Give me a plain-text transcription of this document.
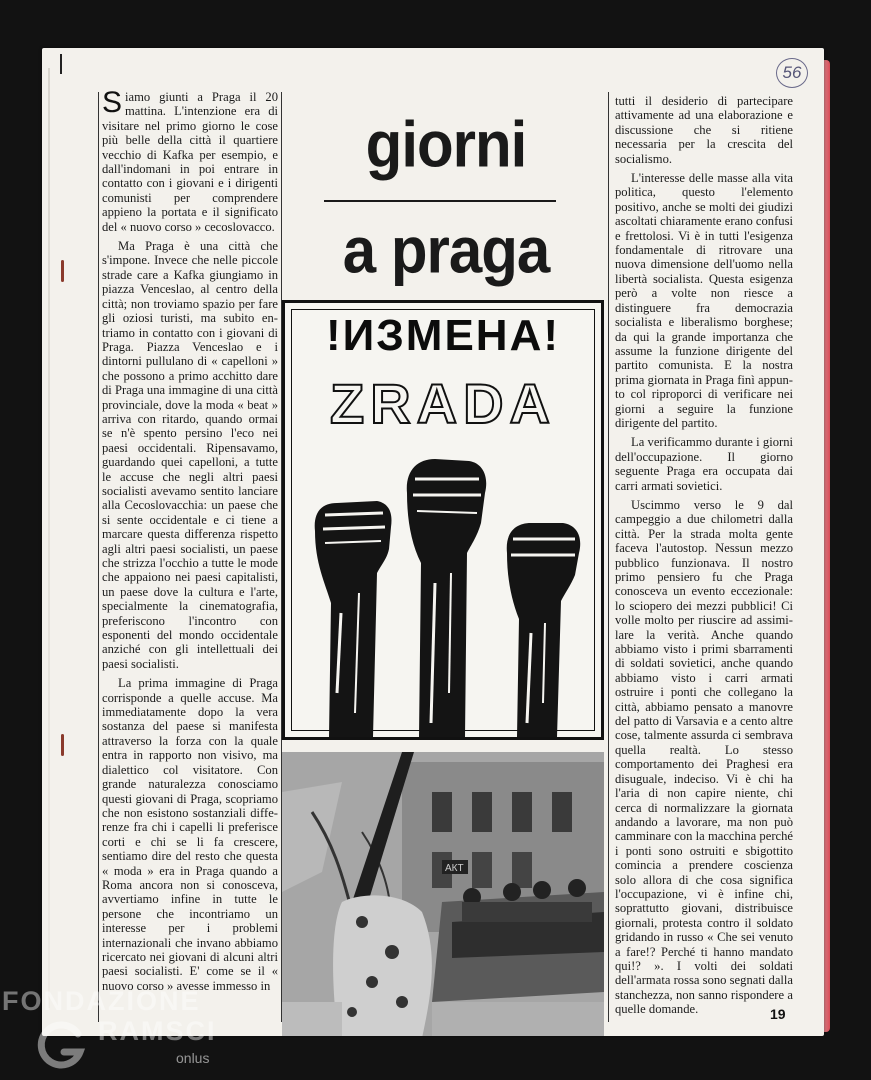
56

Siamo giunti a Praga il 20 mattina. L'intenzione era di visitare nel primo giorno le cose più belle della città il quartiere vecchio di Kafka per esempio, e dall'indomani in poi entrare in contatto con i giovani e i dirigenti comunisti per comprendere appieno la portata e il significato del « nuovo corso » cecoslovacco.

Ma Praga è una città che s'impone. Invece che nelle piccole strade care a Kafka giungiamo in piazza Venceslao, al centro della città; non troviamo spazio per fare gli oziosi turisti, ma subito entriamo in contatto con i giovani di Praga. Piazza Venceslao e i dintorni pullulano di « capelloni » che possono a primo acchitto dare di Praga una immagine di una città provinciale, dove la moda « beat » arriva con ritardo, quando ormai se n'è spento persino l'eco nei paesi occidentali. Ripensavamo, guardando quei capelloni, a tutte le accuse che negli altri paesi socialisti avevamo sentito lanciare alla Cecoslovacchia: un paese che si sente occidentale e ci tiene a marcare questa differenza rispetto agli altri paesi socialisti, un paese che strizza l'occhio a tutte le mode che appaiono nei paesi capitalisti, un paese dove la cultura e l'arte, specialmente la cinematografia, preferiscono l'incontro con esponenti del mondo occidentale anziché con gli intellettuali dei paesi socialisti.

La prima immagine di Praga corrisponde a quelle accuse. Ma immediatamente dopo la vera sostanza del paese si manifesta attraverso la forza con la quale entra in rapporto non visivo, ma dialettico col visitatore. Con grande naturalezza conosciamo questi giovani di Praga, scopriamo che non esistono sostanziali differenze fra chi i capelli li preferisce corti e chi se li fa crescere, sentiamo dire del resto che questa « moda » era in Praga quando a Roma ancora non si conosceva, avvertiamo infine in tutte le persone che incontriamo un interesse per i problemi internazionali che invano abbiamo ricercato nei giovani di alcuni altri paesi socialisti. E' come se il « nuovo corso » avesse immesso in

giorni
a praga
!ИЗМЕНА!
ZRADA
АКТ

tutti il desiderio di partecipare attivamente ad una elaborazione e discussione che si ritiene necessaria per la crescita del socialismo.

L'interesse delle masse alla vita politica, questo l'elemento positivo, anche se molti dei giudizi ascoltati chiaramente erano confusi e frettolosi. Vi è in tutti l'esigenza fondamentale di ritrovare una nuova dimensione dell'uomo nella libertà socialista. Questa esigenza però a volte non riesce a distinguere fra democrazia socialista e liberalismo borghese; da qui la grande importanza che assume la funzione dirigente del partito comunista. E la nostra prima giornata in Praga finì appunto col riproporci di verificare nei giorni a seguire la funzione dirigente del partito.

La verificammo durante i giorni dell'occupazione. Il giorno seguente Praga era occupata dai carri armati sovietici.

Uscimmo verso le 9 dal campeggio a due chilometri dalla città. Per la strada molta gente faceva l'autostop. Nessun mezzo pubblico funzionava. Il nostro primo pensiero fu che Praga conosceva un evento eccezionale: lo sciopero dei mezzi pubblici! Ci volle molto per riuscire ad assimilare la verità. Anche quando abbiamo visto i primi sbarramenti di soldati sovietici, anche quando abbiamo visto i carri armati ostruire i ponti che collegano la città, abbiamo pensato a manovre del patto di Varsavia e a cento altre cose, talmente assurda ci sembrava quella realtà. Lo stesso comportamento dei Praghesi era disuguale, indeciso. Vi è chi ha l'aria di non capire niente, chi cerca di normalizzare la giornata andando a lavorare, ma non può camminare con la macchina perché i ponti sono ostruiti e sbigottito comincia a prendere coscienza solo allora di che cosa significa l'occupazione, vi è infine chi, soprattutto giovani, distribuisce giornali, protesta contro il soldato gridando in russo « Che sei venuto a fare!? Perché ti hanno mandato qui!? ». I volti dei soldati dell'armata rossa sono segnati dalla stanchezza, non sanno rispondere a quelle domande.	19
FONDAZIONE
RAMSCI
onlus
